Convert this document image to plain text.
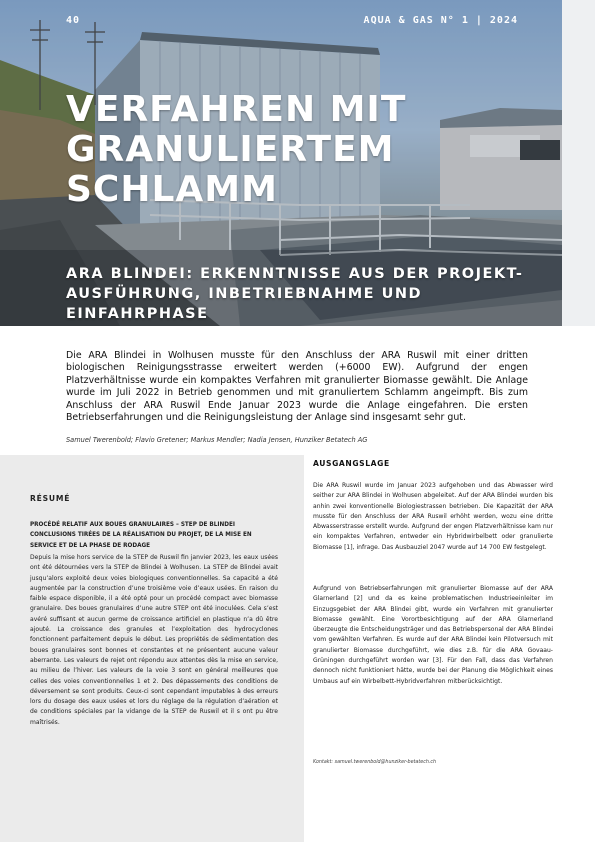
40	AQUA & GAS N° 1 | 2024
VERFAHREN MIT
GRANULIERTEM SCHLAMM
ARA BLINDEI: ERKENNTNISSE AUS DER PROJEKT-
AUSFÜHRUNG, INBETRIEBNAHME UND EINFAHRPHASE

Die ARA Blindei in Wolhusen musste für den Anschluss der ARA Ruswil mit einer dritten biologischen Reinigungsstrasse erweitert werden (+6000 EW). Aufgrund der engen Platzverhältnisse wurde ein kompaktes Verfahren mit granulierter Biomasse gewählt. Die Anlage wurde im Juli 2022 in Betrieb genommen und mit granuliertem Schlamm angeimpft. Bis zum Anschluss der ARA Ruswil Ende Januar 2023 wurde die Anlage eingefahren. Die ersten Betriebserfahrungen und die Reinigungsleistung der Anlage sind insgesamt sehr gut.

Samuel Twerenbold; Flavio Gretener; Markus Mendler; Nadia Jensen, Hunziker Betatech AG

RÉSUMÉ

PROCÉDÉ RELATIF AUX BOUES GRANULAIRES – STEP DE BLINDEI CONCLUSIONS TIRÉES DE LA RÉALISATION DU PROJET, DE LA MISE EN SERVICE ET DE LA PHASE DE RODAGE

Depuis la mise hors service de la STEP de Ruswil fin janvier 2023, les eaux usées ont été détournées vers la STEP de Blindei à Wolhusen. La STEP de Blindei avait jusqu’alors exploité deux voies biologiques conventionnelles. Sa capacité a été augmentée par la construction d’une troisième voie d’eaux usées. En raison du faible espace disponible, il a été opté pour un procédé compact avec biomasse granulaire. Des boues granulaires d’une autre STEP ont été inoculées. Cela s’est avéré suffisant et aucun germe de croissance artificiel en plastique n’a dû être ajouté. La croissance des granules et l’exploitation des hydrocyclones fonctionnent parfaitement depuis le début. Les propriétés de sédimentation des boues granulaires sont bonnes et constantes et ne présentent aucune valeur aberrante. Les valeurs de rejet ont répondu aux attentes dès la mise en service, au milieu de l’hiver. Les valeurs de la voie 3 sont en général meilleures que celles des voies conventionnelles 1 et 2. Des dépassements des conditions de déversement se sont produits. Ceux-ci sont cependant imputables à des erreurs lors du dosage des eaux usées et lors du réglage de la régulation d’aération et de conditions spéciales par la vidange de la STEP de Ruswil et il s ont pu être maîtrisés.

AUSGANGSLAGE

Die ARA Ruswil wurde im Januar 2023 aufgehoben und das Abwasser wird seither zur ARA Blindei in Wolhusen abgeleitet. Auf der ARA Blindei wurden bis anhin zwei konventionelle Biologiestrassen betrieben. Die Kapazität der ARA musste für den Anschluss der ARA Ruswil erhöht werden, wozu eine dritte Abwasserstrasse erstellt wurde. Aufgrund der engen Platzverhältnisse kam nur ein kompaktes Verfahren, entweder ein Hybridwirbelbett oder granulierte Biomasse [1], infrage. Das Ausbauziel 2047 wurde auf 14 700 EW festgelegt.

Aufgrund von Betriebserfahrungen mit granulierter Biomasse auf der ARA Glarnerland [2] und da es keine problematischen Industrieeinleiter im Einzugsgebiet der ARA Blindei gibt, wurde ein Verfahren mit granulierter Biomasse gewählt. Eine Vorortbesichtigung auf der ARA Glarnerland überzeugte die Entscheidungsträger und das Betriebspersonal der ARA Blindei vom gewählten Verfahren. Es wurde auf der ARA Blindei kein Pilotversuch mit granulierter Biomasse durchgeführt, wie dies z.B. für die ARA Govaau-Grüningen durchgeführt worden war [3]. Für den Fall, dass das Verfahren dennoch nicht funktioniert hätte, wurde bei der Planung die Möglichkeit eines Umbaus auf ein Wirbelbett-Hybridverfahren mitberücksichtigt.

Kontakt: samuel.twerenbold@hunziker-betatech.ch
